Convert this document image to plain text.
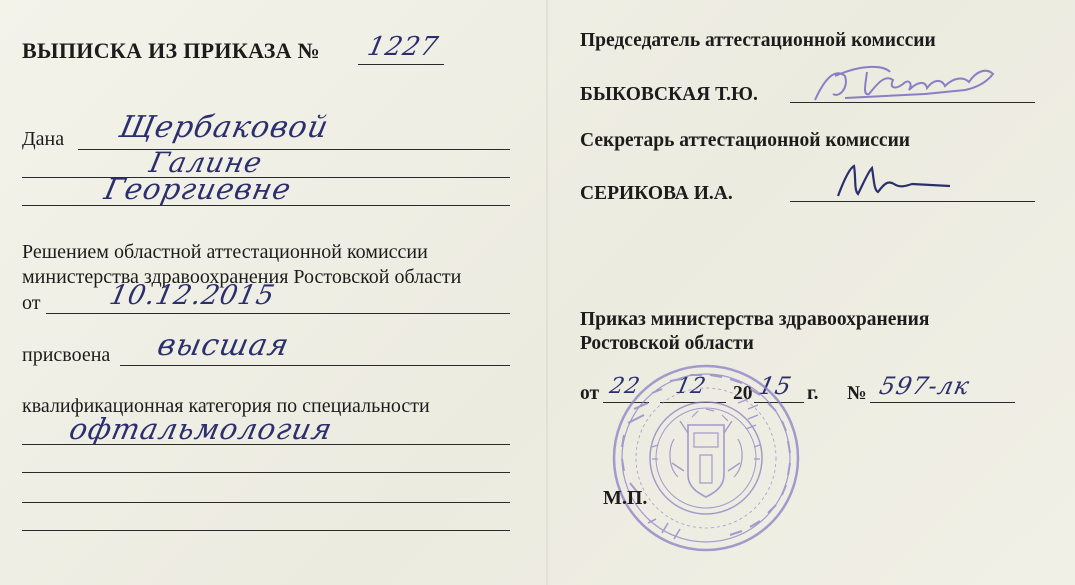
ВЫПИСКА ИЗ ПРИКАЗА № 1227
Дана Щербаковой
Галине
Георгиевне
Решением областной аттестационной комиссии
министерства здравоохранения Ростовской области
от 10.12.2015
присвоена высшая
квалификационная категория по специальности
офтальмология
Председатель аттестационной комиссии
БЫКОВСКАЯ Т.Ю.
Секретарь аттестационной комиссии
СЕРИКОВА И.А.
Приказ министерства здравоохранения
Ростовской области
от 22 12 20 15 г. № 597-лк
М.П.
